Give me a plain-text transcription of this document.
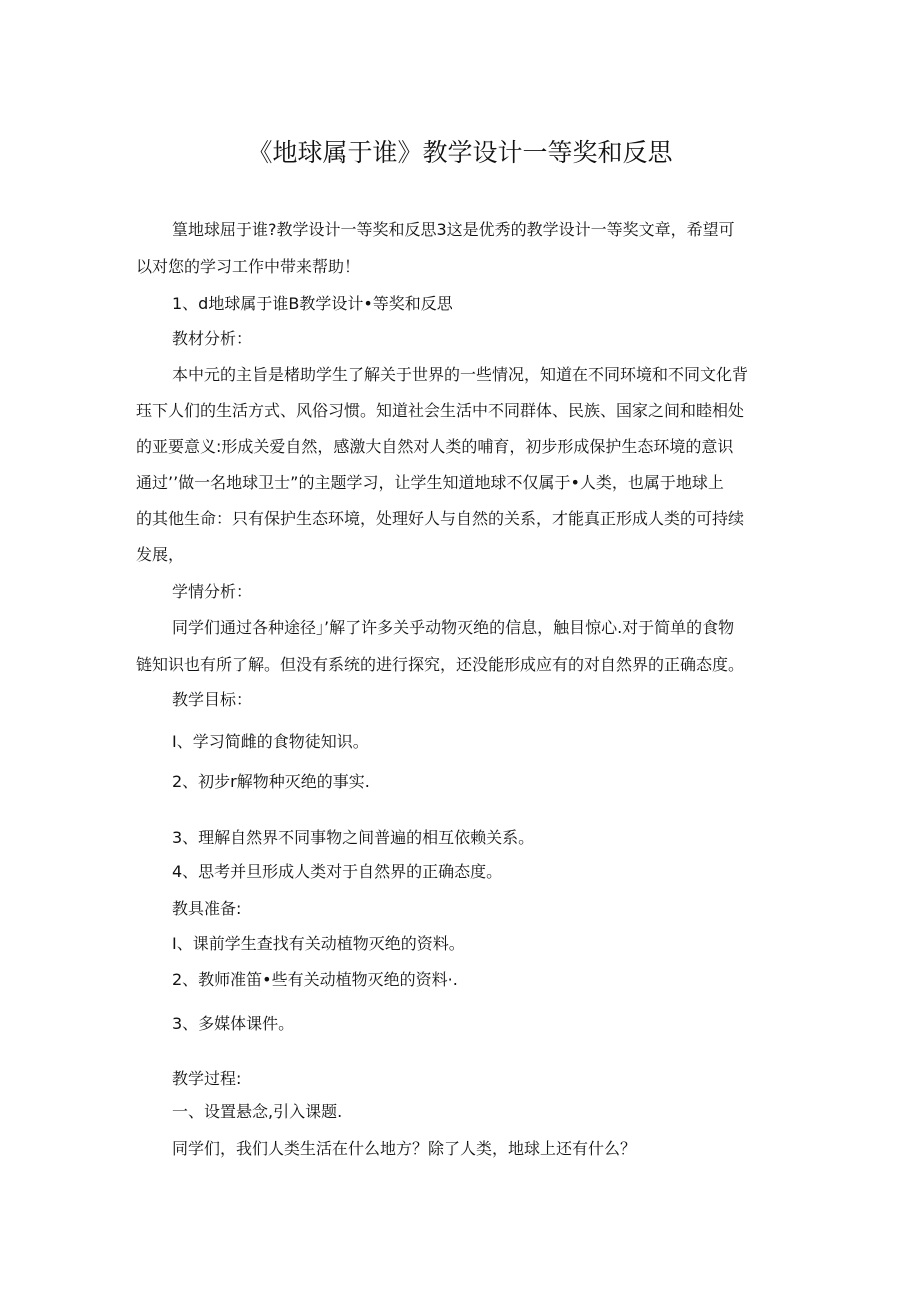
《地球属于谁》教学设计一等奖和反思

篁地球屈于谁?教学设计一等奖和反思3这是优秀的教学设计一等奖文章，希望可

以对您的学习工作中带来帮助！

1、d地球属于谁B教学设计•等奖和反思

教材分析：

本中元的主旨是楮助学生了解关于世界的一些情况，知道在不同环境和不同文化背

珏下人们的生活方式、风俗习惯。知道社会生活中不同群体、民族、国家之间和睦相处

的亚要意义:形成关爱自然，感激大自然对人类的哺育，初步形成保护生态环境的意识

通过’’做一名地球卫士”的主题学习，让学生知道地球不仅属于•人类，也属于地球上

的其他生命：只有保护生态环境，处理好人与自然的关系，才能真正形成人类的可持续

发展，

学情分析：

同学们通过各种途径」’解了许多关乎动物灭绝的信息，触目惊心.对于简单的食物

链知识也有所了解。但没有系统的进行探究，还没能形成应有的对自然界的正确态度。

教学目标：

I、学习简雌的食物徒知识。

2、初步r解物种灭绝的事实.

3、理解自然界不同事物之间普遍的相互依赖关系。

4、思考并旦形成人类对于自然界的正确态度。

教具准备:

I、课前学生查找有关动植物灭绝的资料。

2、教师准笛•些有关动植物灭绝的资料·.

3、多媒体课件。

教学过程:

一、设置悬念,引入课题.

同学们，我们人类生活在什么地方？除了人类，地球上还有什么？
